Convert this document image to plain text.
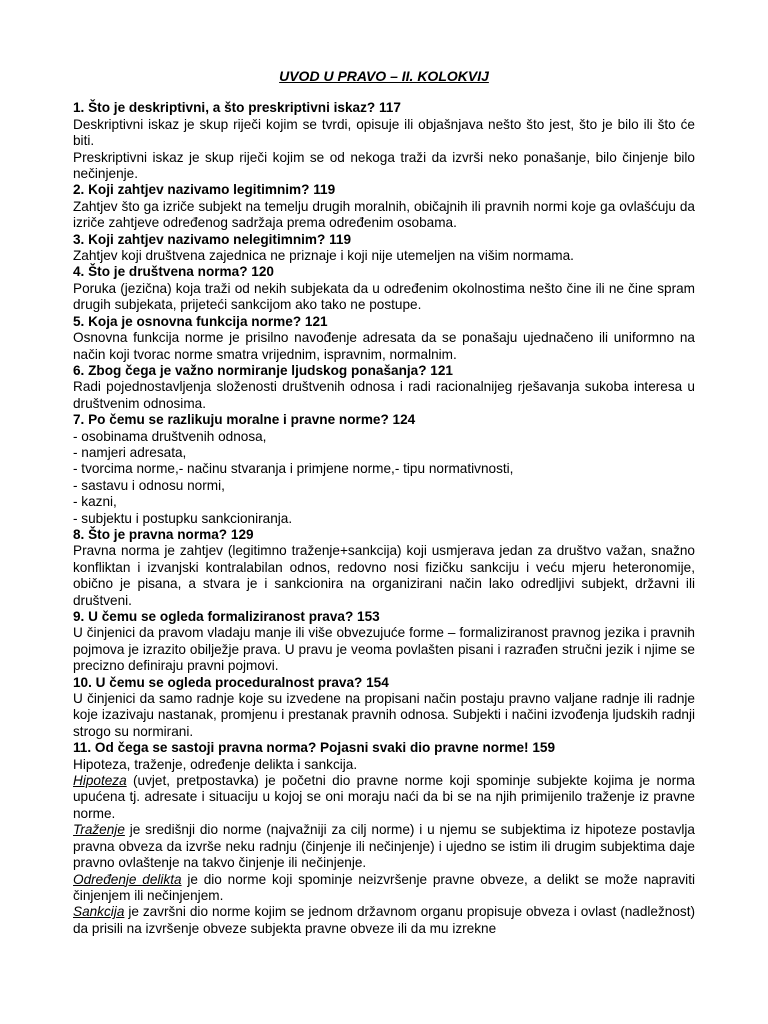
UVOD U PRAVO – II. KOLOKVIJ

1. Što je deskriptivni, a što preskriptivni iskaz? 117

Deskriptivni iskaz je skup riječi kojim se tvrdi, opisuje ili objašnjava nešto što jest, što je bilo ili što će biti.

Preskriptivni iskaz je skup riječi kojim se od nekoga traži da izvrši neko ponašanje, bilo činjenje bilo nečinjenje.

2. Koji zahtjev nazivamo legitimnim? 119

Zahtjev što ga izriče subjekt na temelju drugih moralnih, običajnih ili pravnih normi koje ga ovlašćuju da izriče zahtjeve određenog sadržaja prema određenim osobama.

3. Koji zahtjev nazivamo nelegitimnim? 119

Zahtjev koji društvena zajednica ne priznaje i koji nije utemeljen na višim normama.

4. Što je društvena norma? 120

Poruka (jezična) koja traži od nekih subjekata da u određenim okolnostima nešto čine ili ne čine spram drugih subjekata, prijeteći sankcijom ako tako ne postupe.

5. Koja je osnovna funkcija norme? 121

Osnovna funkcija norme je prisilno navođenje adresata da se ponašaju ujednačeno ili uniformno na način koji tvorac norme smatra vrijednim, ispravnim, normalnim.

6. Zbog čega je važno normiranje ljudskog ponašanja? 121

Radi pojednostavljenja složenosti društvenih odnosa i radi racionalnijeg rješavanja sukoba interesa u društvenim odnosima.

7. Po čemu se razlikuju moralne i pravne norme? 124

- osobinama društvenih odnosa,

- namjeri adresata,

- tvorcima norme,- načinu stvaranja i primjene norme,- tipu normativnosti,

- sastavu i odnosu normi,

- kazni,

- subjektu i postupku sankcioniranja.

8. Što je pravna norma? 129

Pravna norma je zahtjev (legitimno traženje+sankcija) koji usmjerava jedan za društvo važan, snažno konfliktan i izvanjski kontralabilan odnos, redovno nosi fizičku sankciju i veću mjeru heteronomije, obično je pisana, a stvara je i sankcionira na organizirani način lako odredljivi subjekt, državni ili društveni.

9. U čemu se ogleda formaliziranost prava? 153

U činjenici da pravom vladaju manje ili više obvezujuće forme – formaliziranost pravnog jezika i pravnih pojmova je izrazito obilježje prava. U pravu je veoma povlašten pisani i razrađen stručni jezik i njime se precizno definiraju pravni pojmovi.

10. U čemu se ogleda proceduralnost prava? 154

U činjenici da samo radnje koje su izvedene na propisani način postaju pravno valjane radnje ili radnje koje izazivaju nastanak, promjenu i prestanak pravnih odnosa. Subjekti i načini izvođenja ljudskih radnji strogo su normirani.

11. Od čega se sastoji pravna norma? Pojasni svaki dio pravne norme! 159

Hipoteza, traženje, određenje delikta i sankcija.

Hipoteza (uvjet, pretpostavka) je početni dio pravne norme koji spominje subjekte kojima je norma upućena tj. adresate i situaciju u kojoj se oni moraju naći da bi se na njih primijenilo traženje iz pravne norme.

Traženje je središnji dio norme (najvažniji za cilj norme) i u njemu se subjektima iz hipoteze postavlja pravna obveza da izvrše neku radnju (činjenje ili nečinjenje) i ujedno se istim ili drugim subjektima daje pravno ovlaštenje na takvo činjenje ili nečinjenje.

Određenje delikta je dio norme koji spominje neizvršenje pravne obveze, a delikt se može napraviti činjenjem ili nečinjenjem.

Sankcija je završni dio norme kojim se jednom državnom organu propisuje obveza i ovlast (nadležnost) da prisili na izvršenje obveze subjekta pravne obveze ili da mu izrekne
